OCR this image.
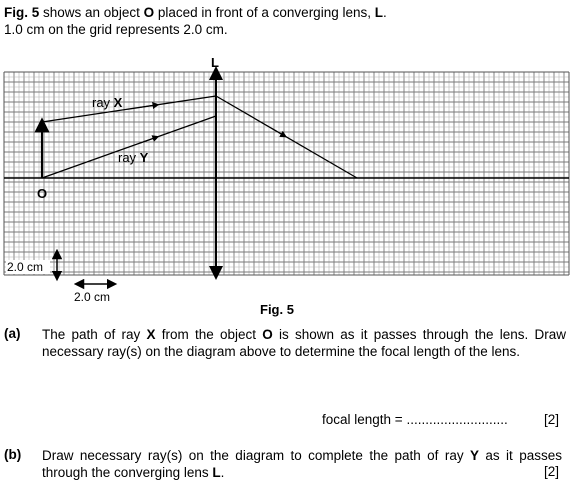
Fig. 5 shows an object O placed in front of a converging lens, L.
1.0 cm on the grid represents 2.0 cm.
L
O
ray X
ray Y
2.0 cm
2.0 cm
Fig. 5
(a) The path of ray X from the object O is shown as it passes through the lens. Draw necessary ray(s) on the diagram above to determine the focal length of the lens.
focal length = ...........................	[2]
(b) Draw necessary ray(s) on the diagram to complete the path of ray Y as it passes through the converging lens L.	[2]
